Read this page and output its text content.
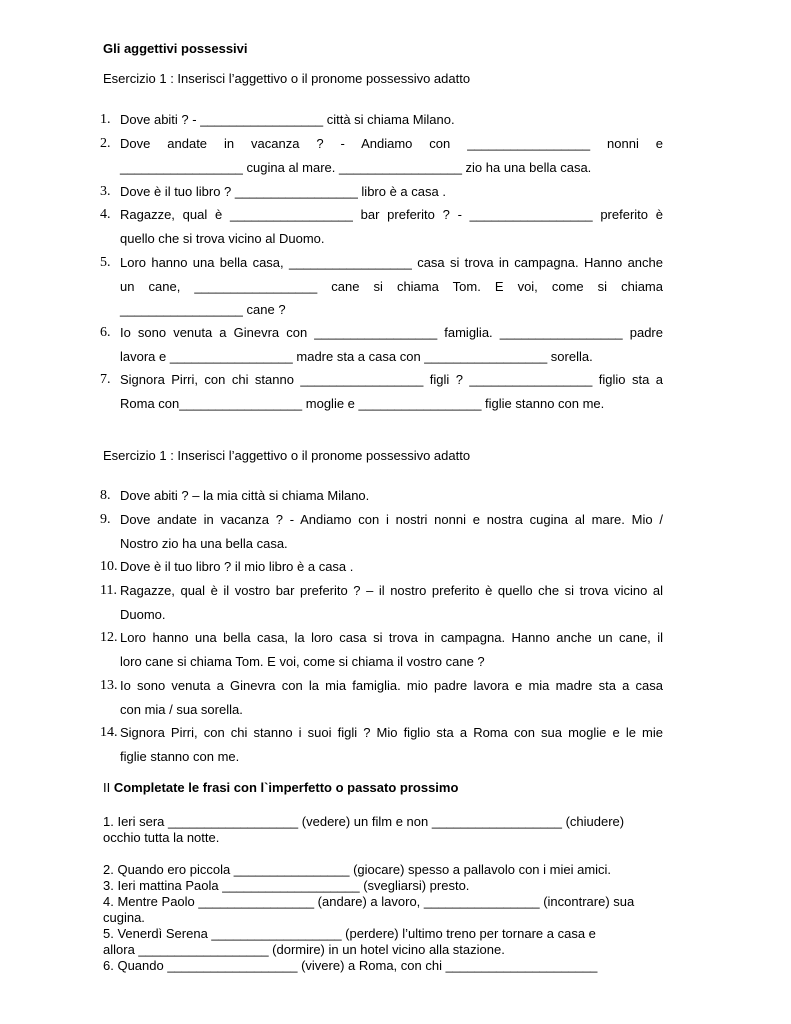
Gli aggettivi possessivi
Esercizio 1 : Inserisci l’aggettivo o il pronome possessivo adatto
1. Dove abiti ? - _________________ città si chiama Milano.
2. Dove andate in vacanza ? - Andiamo con _________________ nonni e
_________________ cugina al mare. _________________ zio ha una bella casa.
3. Dove è il tuo libro ? _________________ libro è a casa .
4. Ragazze, qual è _________________ bar preferito ? - _________________ preferito è
quello che si trova vicino al Duomo.
5. Loro hanno una bella casa, _________________ casa si trova in campagna. Hanno anche
un cane, _________________ cane si chiama Tom. E voi, come si chiama
_________________ cane ?
6. Io sono venuta a Ginevra con _________________ famiglia. _________________ padre
lavora e _________________ madre sta a casa con _________________ sorella.
7. Signora Pirri, con chi stanno _________________ figli ? _________________ figlio sta a
Roma con_________________ moglie e _________________ figlie stanno con me.
Esercizio 1 : Inserisci l’aggettivo o il pronome possessivo adatto
8. Dove abiti ? – la mia città si chiama Milano.
9. Dove andate in vacanza ? - Andiamo con i nostri nonni e nostra cugina al mare. Mio /
Nostro zio ha una bella casa.
10. Dove è il tuo libro ? il mio libro è a casa .
11. Ragazze, qual è il vostro bar preferito ? – il nostro preferito è quello che si trova vicino al
Duomo.
12. Loro hanno una bella casa, la loro casa si trova in campagna. Hanno anche un cane, il
loro cane si chiama Tom. E voi, come si chiama il vostro cane ?
13. Io sono venuta a Ginevra con la mia famiglia. mio padre lavora e mia madre sta a casa
con mia / sua sorella.
14. Signora Pirri, con chi stanno i suoi figli ? Mio figlio sta a Roma con sua moglie e le mie
figlie stanno con me.
II Completate le frasi con l`imperfetto o passato prossimo
1. Ieri sera __________________ (vedere) un film e non __________________ (chiudere)
occhio tutta la notte.
2. Quando ero piccola ________________ (giocare) spesso a pallavolo con i miei amici.
3. Ieri mattina Paola ___________________ (svegliarsi) presto.
4. Mentre Paolo ________________ (andare) a lavoro, ________________ (incontrare) sua
cugina.
5. Venerdì Serena __________________ (perdere) l’ultimo treno per tornare a casa e
allora __________________ (dormire) in un hotel vicino alla stazione.
6. Quando __________________ (vivere) a Roma, con chi _____________________
